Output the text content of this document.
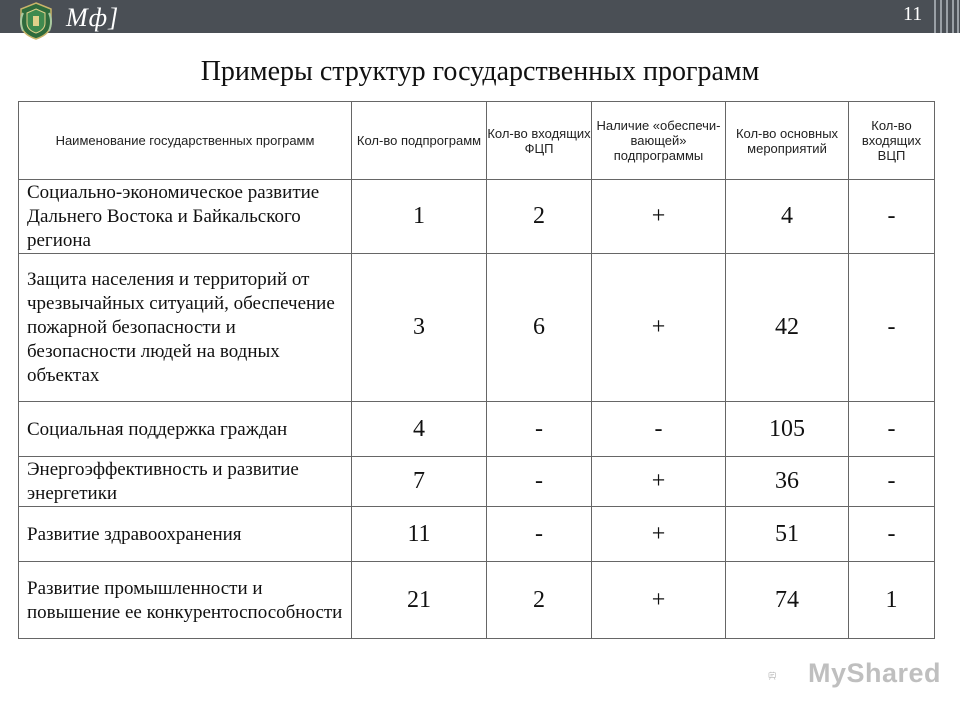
Мф]	11
Примеры структур государственных программ
Наименование государственных программ	Кол-во подпрограмм	Кол-во входящих ФЦП	Наличие «обеспечи-вающей» подпрограммы	Кол-во основных мероприятий	Кол-во входящих ВЦП
Социально-экономическое развитие Дальнего Востока и Байкальского региона	1	2	+	4	-
Защита населения и территорий от чрезвычайных ситуаций, обеспечение пожарной безопасности и безопасности людей на водных объектах	3	6	+	42	-
Социальная поддержка граждан	4	-	-	105	-
Энергоэффективность и развитие энергетики	7	-	+	36	-
Развитие здравоохранения	11	-	+	51	-
Развитие промышленности и повышение ее конкурентоспособности	21	2	+	74	1
MyShared
